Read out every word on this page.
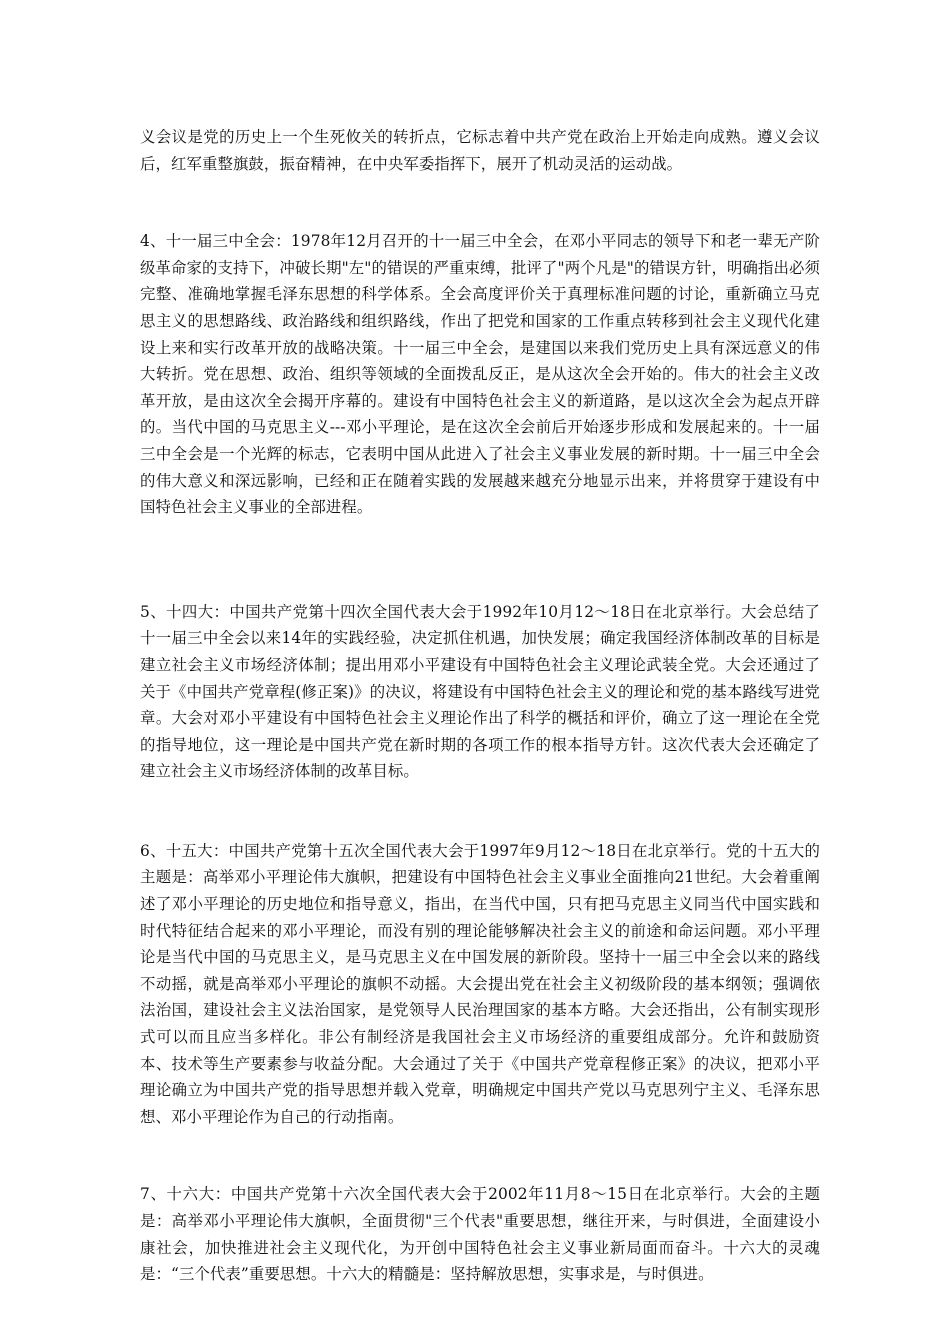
义会议是党的历史上一个生死攸关的转折点，它标志着中共产党在政治上开始走向成熟。遵义会议后，红军重整旗鼓，振奋精神，在中央军委指挥下，展开了机动灵活的运动战。

4、十一届三中全会：1978年12月召开的十一届三中全会，在邓小平同志的领导下和老一辈无产阶级革命家的支持下，冲破长期"左"的错误的严重束缚，批评了"两个凡是"的错误方针，明确指出必须完整、准确地掌握毛泽东思想的科学体系。全会高度评价关于真理标准问题的讨论，重新确立马克思主义的思想路线、政治路线和组织路线，作出了把党和国家的工作重点转移到社会主义现代化建设上来和实行改革开放的战略决策。十一届三中全会，是建国以来我们党历史上具有深远意义的伟大转折。党在思想、政治、组织等领域的全面拨乱反正，是从这次全会开始的。伟大的社会主义改革开放，是由这次全会揭开序幕的。建设有中国特色社会主义的新道路，是以这次全会为起点开辟的。当代中国的马克思主义---邓小平理论，是在这次全会前后开始逐步形成和发展起来的。十一届三中全会是一个光辉的标志，它表明中国从此进入了社会主义事业发展的新时期。十一届三中全会的伟大意义和深远影响，已经和正在随着实践的发展越来越充分地显示出来，并将贯穿于建设有中国特色社会主义事业的全部进程。

5、十四大：中国共产党第十四次全国代表大会于1992年10月12～18日在北京举行。大会总结了十一届三中全会以来14年的实践经验，决定抓住机遇，加快发展；确定我国经济体制改革的目标是建立社会主义市场经济体制；提出用邓小平建设有中国特色社会主义理论武装全党。大会还通过了关于《中国共产党章程(修正案)》的决议，将建设有中国特色社会主义的理论和党的基本路线写进党章。大会对邓小平建设有中国特色社会主义理论作出了科学的概括和评价，确立了这一理论在全党的指导地位，这一理论是中国共产党在新时期的各项工作的根本指导方针。这次代表大会还确定了建立社会主义市场经济体制的改革目标。

6、十五大：中国共产党第十五次全国代表大会于1997年9月12～18日在北京举行。党的十五大的主题是：高举邓小平理论伟大旗帜，把建设有中国特色社会主义事业全面推向21世纪。大会着重阐述了邓小平理论的历史地位和指导意义，指出，在当代中国，只有把马克思主义同当代中国实践和时代特征结合起来的邓小平理论，而没有别的理论能够解决社会主义的前途和命运问题。邓小平理论是当代中国的马克思主义，是马克思主义在中国发展的新阶段。坚持十一届三中全会以来的路线不动摇，就是高举邓小平理论的旗帜不动摇。大会提出党在社会主义初级阶段的基本纲领；强调依法治国，建设社会主义法治国家，是党领导人民治理国家的基本方略。大会还指出，公有制实现形式可以而且应当多样化。非公有制经济是我国社会主义市场经济的重要组成部分。允许和鼓励资本、技术等生产要素参与收益分配。大会通过了关于《中国共产党章程修正案》的决议，把邓小平理论确立为中国共产党的指导思想并载入党章，明确规定中国共产党以马克思列宁主义、毛泽东思想、邓小平理论作为自己的行动指南。

7、十六大：中国共产党第十六次全国代表大会于2002年11月8～15日在北京举行。大会的主题是：高举邓小平理论伟大旗帜，全面贯彻"三个代表"重要思想，继往开来，与时俱进，全面建设小康社会，加快推进社会主义现代化，为开创中国特色社会主义事业新局面而奋斗。十六大的灵魂是：“三个代表”重要思想。十六大的精髓是：坚持解放思想，实事求是，与时俱进。
